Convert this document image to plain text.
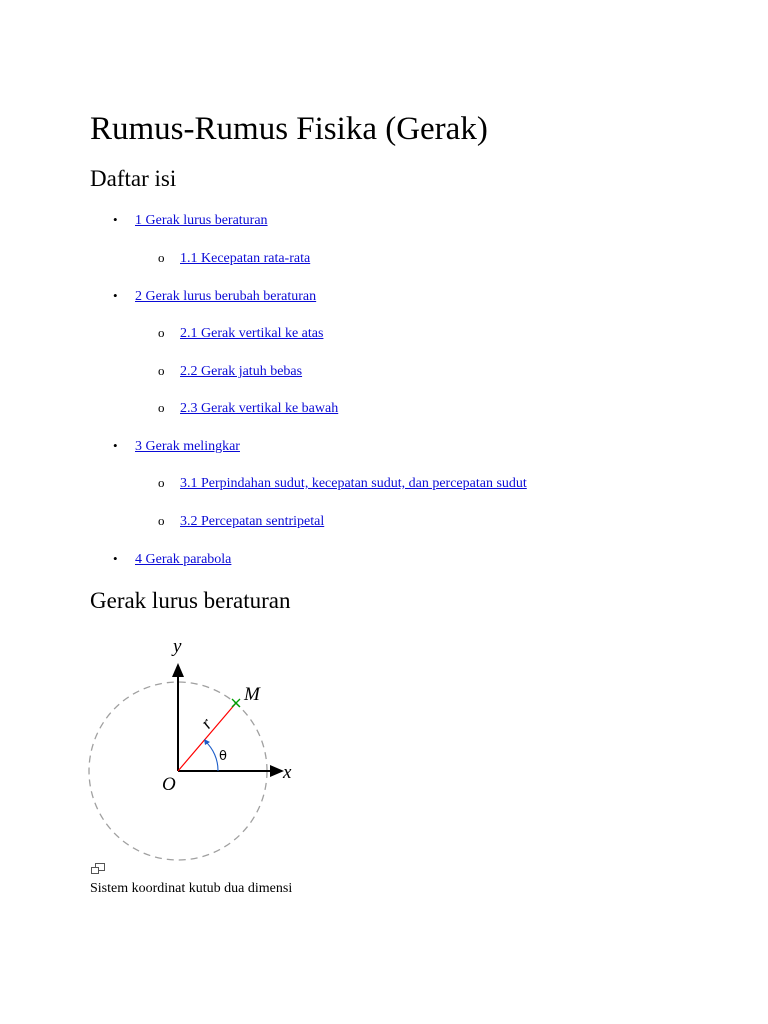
Rumus-Rumus Fisika (Gerak)
Daftar isi
• 1 Gerak lurus beraturan
o 1.1 Kecepatan rata-rata
• 2 Gerak lurus berubah beraturan
o 2.1 Gerak vertikal ke atas
o 2.2 Gerak jatuh bebas
o 2.3 Gerak vertikal ke bawah
• 3 Gerak melingkar
o 3.1 Perpindahan sudut, kecepatan sudut, dan percepatan sudut
o 3.2 Percepatan sentripetal
• 4 Gerak parabola
Gerak lurus beraturan
y
x
O
M
r
θ
Sistem koordinat kutub dua dimensi
